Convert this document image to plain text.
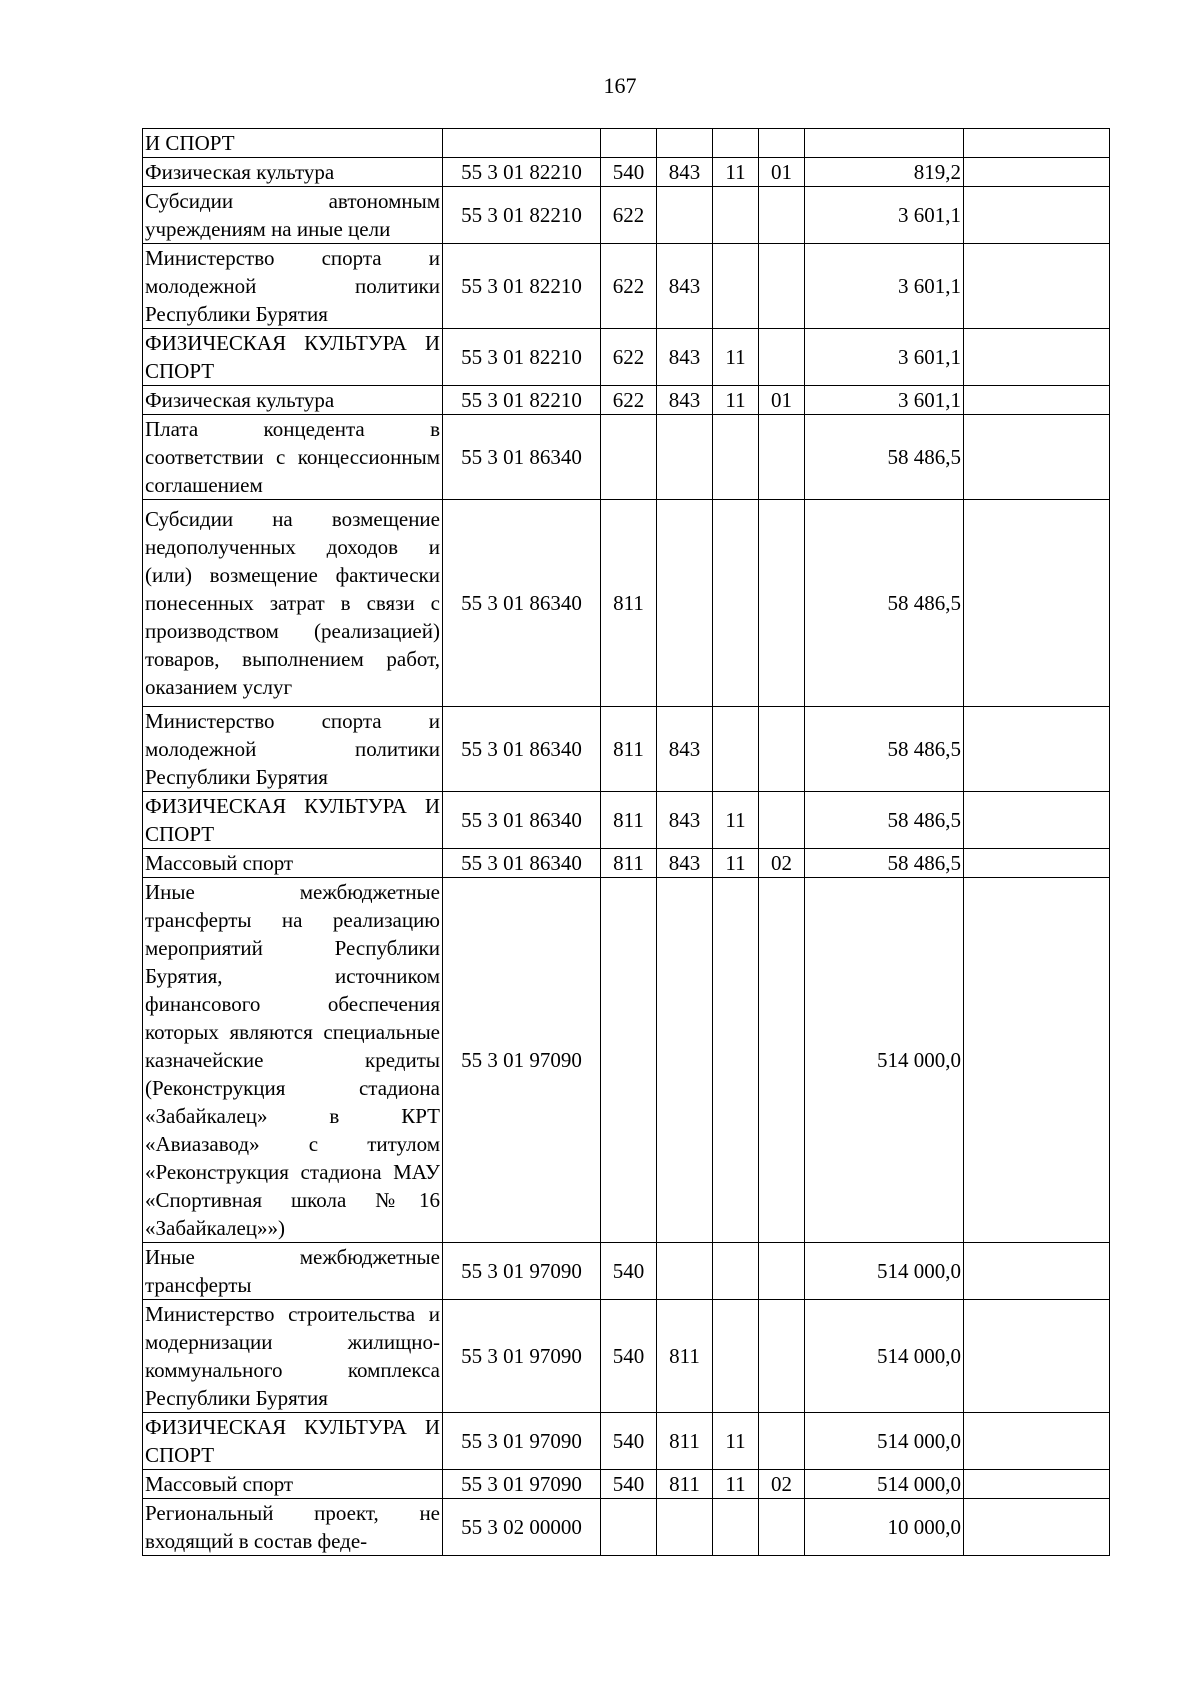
167
И СПОРТ							
Физическая культура	55 3 01 82210	540	843	11	01	819,2	
Субсидии автономным учреждениям на иные цели	55 3 01 82210	622				3 601,1	
Министерство спорта и молодежной политики Республики Бурятия	55 3 01 82210	622	843			3 601,1	
ФИЗИЧЕСКАЯ КУЛЬТУРА И СПОРТ	55 3 01 82210	622	843	11		3 601,1	
Физическая культура	55 3 01 82210	622	843	11	01	3 601,1	
Плата концедента в соответствии с концессионным соглашением	55 3 01 86340					58 486,5	
Субсидии на возмещение недополученных доходов и (или) возмещение фактически понесенных затрат в связи с производством (реализацией) товаров, выполнением работ, оказанием услуг	55 3 01 86340	811				58 486,5	
Министерство спорта и молодежной политики Республики Бурятия	55 3 01 86340	811	843			58 486,5	
ФИЗИЧЕСКАЯ КУЛЬТУРА И СПОРТ	55 3 01 86340	811	843	11		58 486,5	
Массовый спорт	55 3 01 86340	811	843	11	02	58 486,5	
Иные межбюджетные трансферты на реализацию мероприятий Республики Бурятия, источником финансового обеспечения которых являются специальные казначейские кредиты (Реконструкция стадиона «Забайкалец» в КРТ «Авиазавод» с титулом «Реконструкция стадиона МАУ «Спортивная школа №16 «Забайкалец»»)	55 3 01 97090					514 000,0	
Иные межбюджетные трансферты	55 3 01 97090	540				514 000,0	
Министерство строительства и модернизации жилищно-коммунального комплекса Республики Бурятия	55 3 01 97090	540	811			514 000,0	
ФИЗИЧЕСКАЯ КУЛЬТУРА И СПОРТ	55 3 01 97090	540	811	11		514 000,0	
Массовый спорт	55 3 01 97090	540	811	11	02	514 000,0	
Региональный проект, не входящий в состав феде-	55 3 02 00000					10 000,0	
